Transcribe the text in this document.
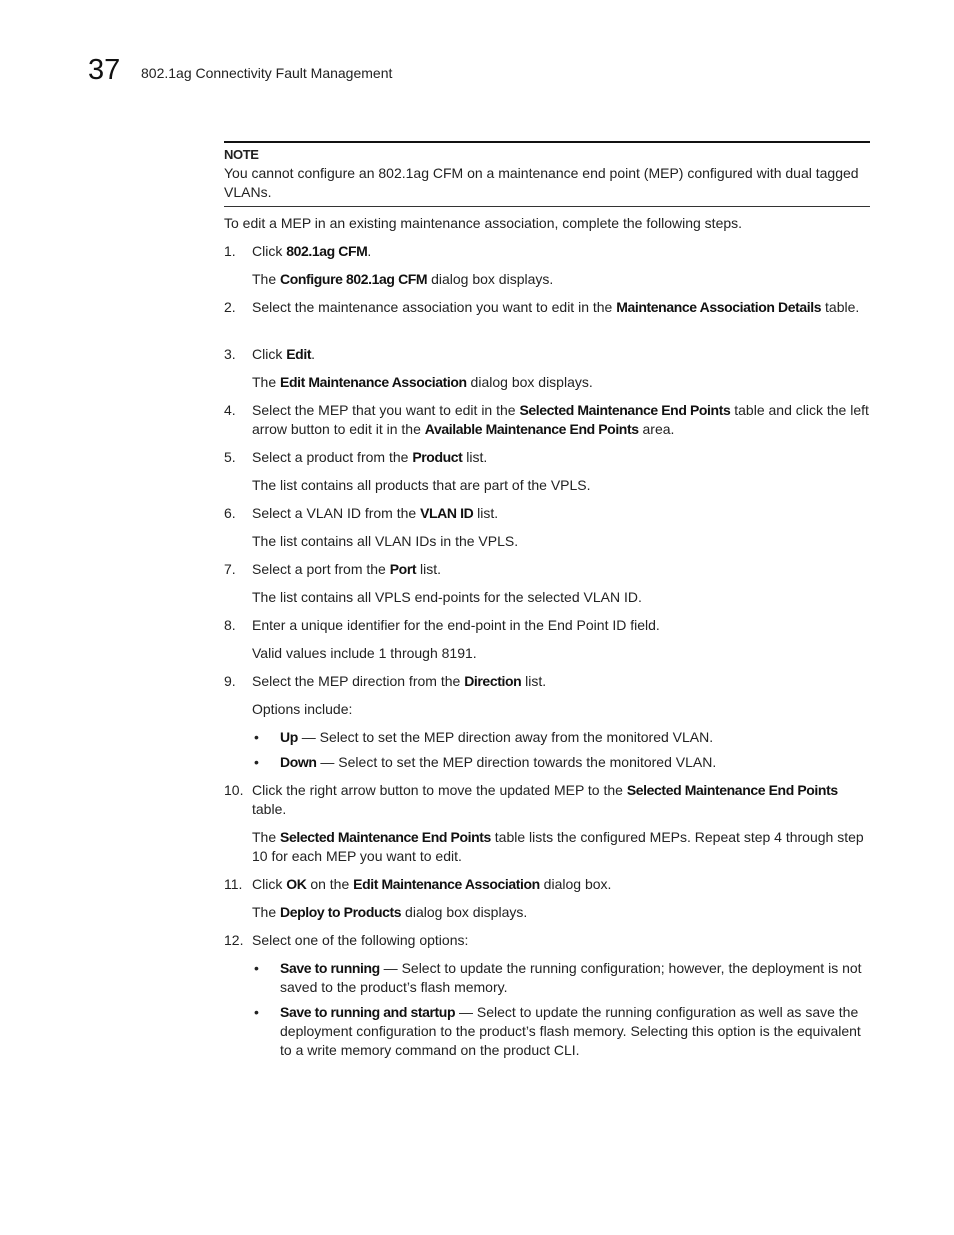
37 802.1ag Connectivity Fault Management
NOTE
You cannot configure an 802.1ag CFM on a maintenance end point (MEP) configured with dual tagged VLANs.
To edit a MEP in an existing maintenance association, complete the following steps.
1. Click 802.1ag CFM.
The Configure 802.1ag CFM dialog box displays.
2. Select the maintenance association you want to edit in the Maintenance Association Details table.
3. Click Edit.
The Edit Maintenance Association dialog box displays.
4. Select the MEP that you want to edit in the Selected Maintenance End Points table and click the left arrow button to edit it in the Available Maintenance End Points area.
5. Select a product from the Product list.
The list contains all products that are part of the VPLS.
6. Select a VLAN ID from the VLAN ID list.
The list contains all VLAN IDs in the VPLS.
7. Select a port from the Port list.
The list contains all VPLS end-points for the selected VLAN ID.
8. Enter a unique identifier for the end-point in the End Point ID field.
Valid values include 1 through 8191.
9. Select the MEP direction from the Direction list.
Options include:
• Up — Select to set the MEP direction away from the monitored VLAN.
• Down — Select to set the MEP direction towards the monitored VLAN.
10. Click the right arrow button to move the updated MEP to the Selected Maintenance End Points table.
The Selected Maintenance End Points table lists the configured MEPs. Repeat step 4 through step 10 for each MEP you want to edit.
11. Click OK on the Edit Maintenance Association dialog box.
The Deploy to Products dialog box displays.
12. Select one of the following options:
• Save to running — Select to update the running configuration; however, the deployment is not saved to the product’s flash memory.
• Save to running and startup — Select to update the running configuration as well as save the deployment configuration to the product’s flash memory. Selecting this option is the equivalent to a write memory command on the product CLI.
